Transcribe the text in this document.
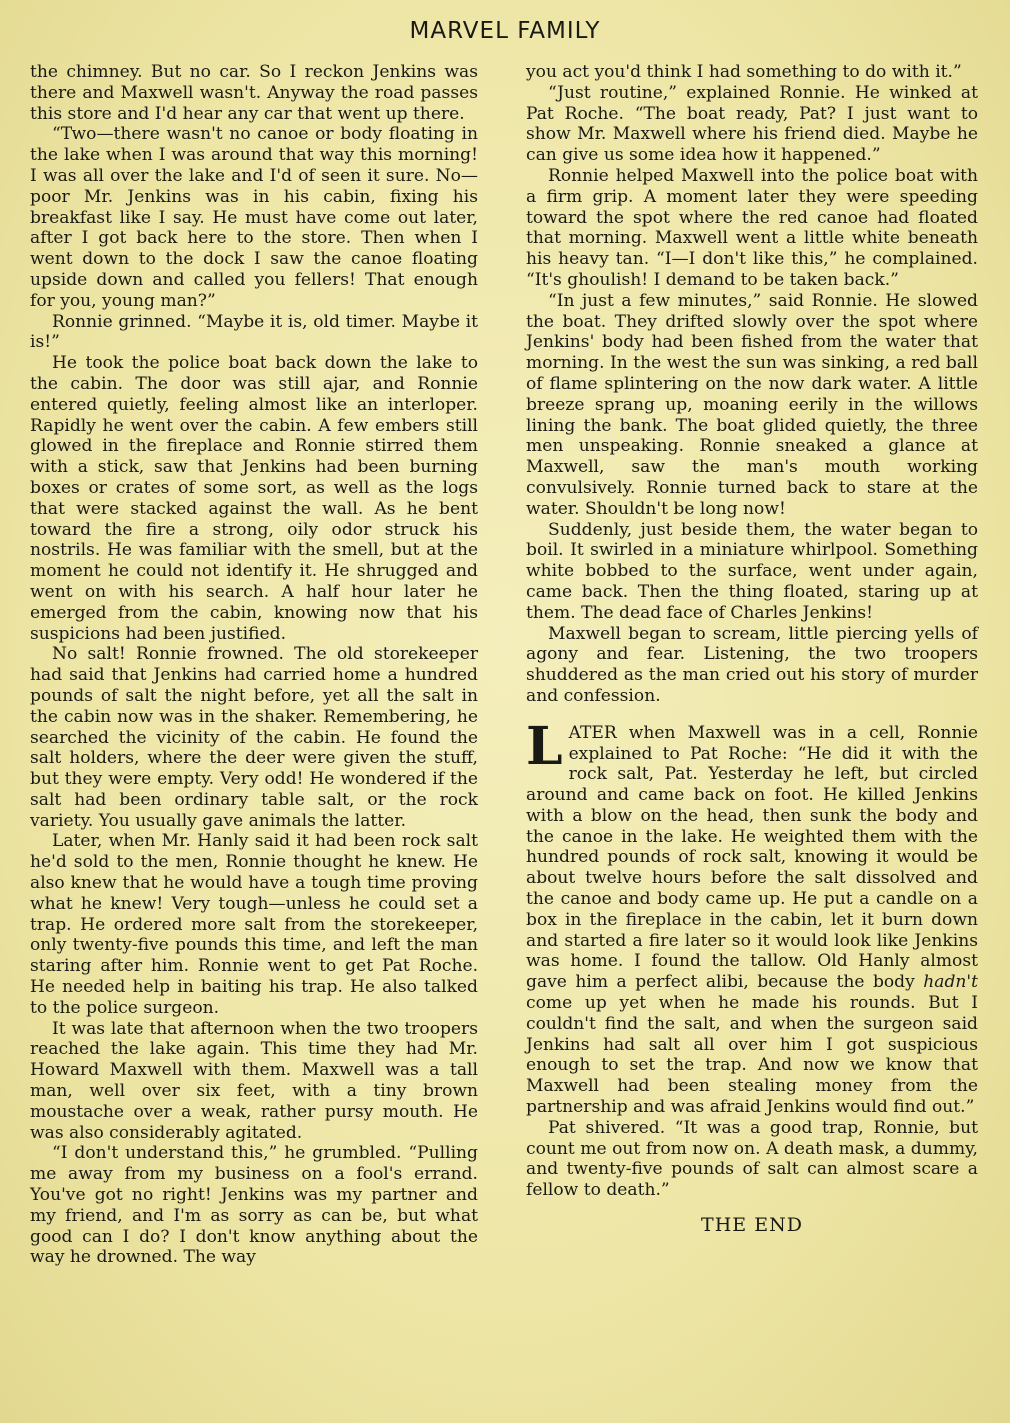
MARVEL FAMILY

the chimney. But no car. So I reckon Jenkins was there and Maxwell wasn't. Anyway the road passes this store and I'd hear any car that went up there.

“Two—there wasn't no canoe or body floating in the lake when I was around that way this morning! I was all over the lake and I'd of seen it sure. No—poor Mr. Jenkins was in his cabin, fixing his breakfast like I say. He must have come out later, after I got back here to the store. Then when I went down to the dock I saw the canoe floating upside down and called you fellers! That enough for you, young man?”

Ronnie grinned. “Maybe it is, old timer. Maybe it is!”

He took the police boat back down the lake to the cabin. The door was still ajar, and Ronnie entered quietly, feeling almost like an interloper. Rapidly he went over the cabin. A few embers still glowed in the fireplace and Ronnie stirred them with a stick, saw that Jenkins had been burning boxes or crates of some sort, as well as the logs that were stacked against the wall. As he bent toward the fire a strong, oily odor struck his nostrils. He was familiar with the smell, but at the moment he could not identify it. He shrugged and went on with his search. A half hour later he emerged from the cabin, knowing now that his suspicions had been justified.

No salt! Ronnie frowned. The old storekeeper had said that Jenkins had carried home a hundred pounds of salt the night before, yet all the salt in the cabin now was in the shaker. Remembering, he searched the vicinity of the cabin. He found the salt holders, where the deer were given the stuff, but they were empty. Very odd! He wondered if the salt had been ordinary table salt, or the rock variety. You usually gave animals the latter.

Later, when Mr. Hanly said it had been rock salt he'd sold to the men, Ronnie thought he knew. He also knew that he would have a tough time proving what he knew! Very tough—unless he could set a trap. He ordered more salt from the storekeeper, only twenty-five pounds this time, and left the man staring after him. Ronnie went to get Pat Roche. He needed help in baiting his trap. He also talked to the police surgeon.

It was late that afternoon when the two troopers reached the lake again. This time they had Mr. Howard Maxwell with them. Maxwell was a tall man, well over six feet, with a tiny brown moustache over a weak, rather pursy mouth. He was also considerably agitated.

“I don't understand this,” he grumbled. “Pulling me away from my business on a fool's errand. You've got no right! Jenkins was my partner and my friend, and I'm as sorry as can be, but what good can I do? I don't know anything about the way he drowned. The way

you act you'd think I had something to do with it.”

“Just routine,” explained Ronnie. He winked at Pat Roche. “The boat ready, Pat? I just want to show Mr. Maxwell where his friend died. Maybe he can give us some idea how it happened.”

Ronnie helped Maxwell into the police boat with a firm grip. A moment later they were speeding toward the spot where the red canoe had floated that morning. Maxwell went a little white beneath his heavy tan. “I—I don't like this,” he complained. “It's ghoulish! I demand to be taken back.”

“In just a few minutes,” said Ronnie. He slowed the boat. They drifted slowly over the spot where Jenkins' body had been fished from the water that morning. In the west the sun was sinking, a red ball of flame splintering on the now dark water. A little breeze sprang up, moaning eerily in the willows lining the bank. The boat glided quietly, the three men unspeaking. Ronnie sneaked a glance at Maxwell, saw the man's mouth working convulsively. Ronnie turned back to stare at the water. Shouldn't be long now!

Suddenly, just beside them, the water began to boil. It swirled in a miniature whirlpool. Something white bobbed to the surface, went under again, came back. Then the thing floated, staring up at them. The dead face of Charles Jenkins!

Maxwell began to scream, little piercing yells of agony and fear. Listening, the two troopers shuddered as the man cried out his story of murder and confession.

LATER when Maxwell was in a cell, Ronnie explained to Pat Roche: “He did it with the rock salt, Pat. Yesterday he left, but circled around and came back on foot. He killed Jenkins with a blow on the head, then sunk the body and the canoe in the lake. He weighted them with the hundred pounds of rock salt, knowing it would be about twelve hours before the salt dissolved and the canoe and body came up. He put a candle on a box in the fireplace in the cabin, let it burn down and started a fire later so it would look like Jenkins was home. I found the tallow. Old Hanly almost gave him a perfect alibi, because the body hadn't come up yet when he made his rounds. But I couldn't find the salt, and when the surgeon said Jenkins had salt all over him I got suspicious enough to set the trap. And now we know that Maxwell had been stealing money from the partnership and was afraid Jenkins would find out.”

Pat shivered. “It was a good trap, Ronnie, but count me out from now on. A death mask, a dummy, and twenty-five pounds of salt can almost scare a fellow to death.”

THE END
